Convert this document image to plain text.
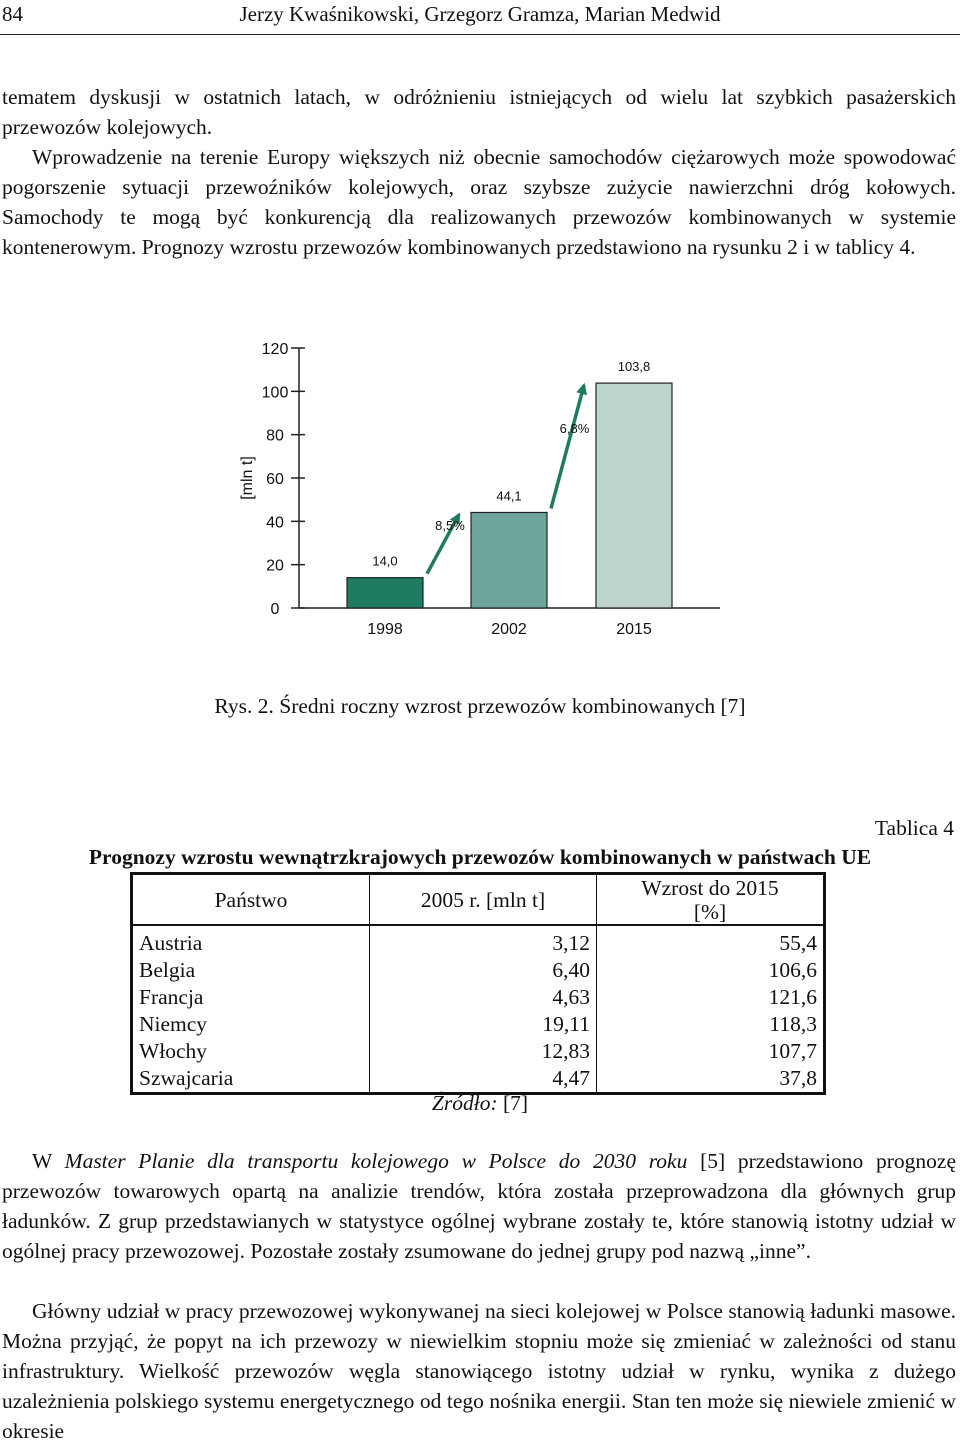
84	Jerzy Kwaśnikowski, Grzegorz Gramza, Marian Medwid

tematem dyskusji w ostatnich latach, w odróżnieniu istniejących od wielu lat szybkich pasażerskich przewozów kolejowych.

Wprowadzenie na terenie Europy większych niż obecnie samochodów ciężarowych może spowodować pogorszenie sytuacji przewoźników kolejowych, oraz szybsze zużycie nawierzchni dróg kołowych. Samochody te mogą być konkurencją dla realizowanych przewozów kombinowanych w systemie kontenerowym. Prognozy wzrostu przewozów kombinowanych przedstawiono na rysunku 2 i w tablicy 4.

[mln t]
0
20
40
60
80
100
120
14,0
1998
44,1
2002
103,8
2015
8,5%
6,8%
Rys. 2. Średni roczny wzrost przewozów kombinowanych [7]
Tablica 4
Prognozy wzrostu wewnątrzkrajowych przewozów kombinowanych w państwach UE
Państwo	2005 r. [mln t]	Wzrost do 2015
[%]

Austria	3,12	55,4
Belgia	6,40	106,6
Francja	4,63	121,6
Niemcy	19,11	118,3
Włochy	12,83	107,7
Szwajcaria	4,47	37,8
Źródło: [7]

W Master Planie dla transportu kolejowego w Polsce do 2030 roku [5] przedstawiono prognozę przewozów towarowych opartą na analizie trendów, która została przeprowadzona dla głównych grup ładunków. Z grup przedstawianych w statystyce ogólnej wybrane zostały te, które stanowią istotny udział w ogólnej pracy przewozowej. Pozostałe zostały zsumowane do jednej grupy pod nazwą „inne”.

Główny udział w pracy przewozowej wykonywanej na sieci kolejowej w Polsce stanowią ładunki masowe. Można przyjąć, że popyt na ich przewozy w niewielkim stopniu może się zmieniać w zależności od stanu infrastruktury. Wielkość przewozów węgla stanowiącego istotny udział w rynku, wynika z dużego uzależnienia polskiego systemu energetycznego od tego nośnika energii. Stan ten może się niewiele zmienić w okresie
